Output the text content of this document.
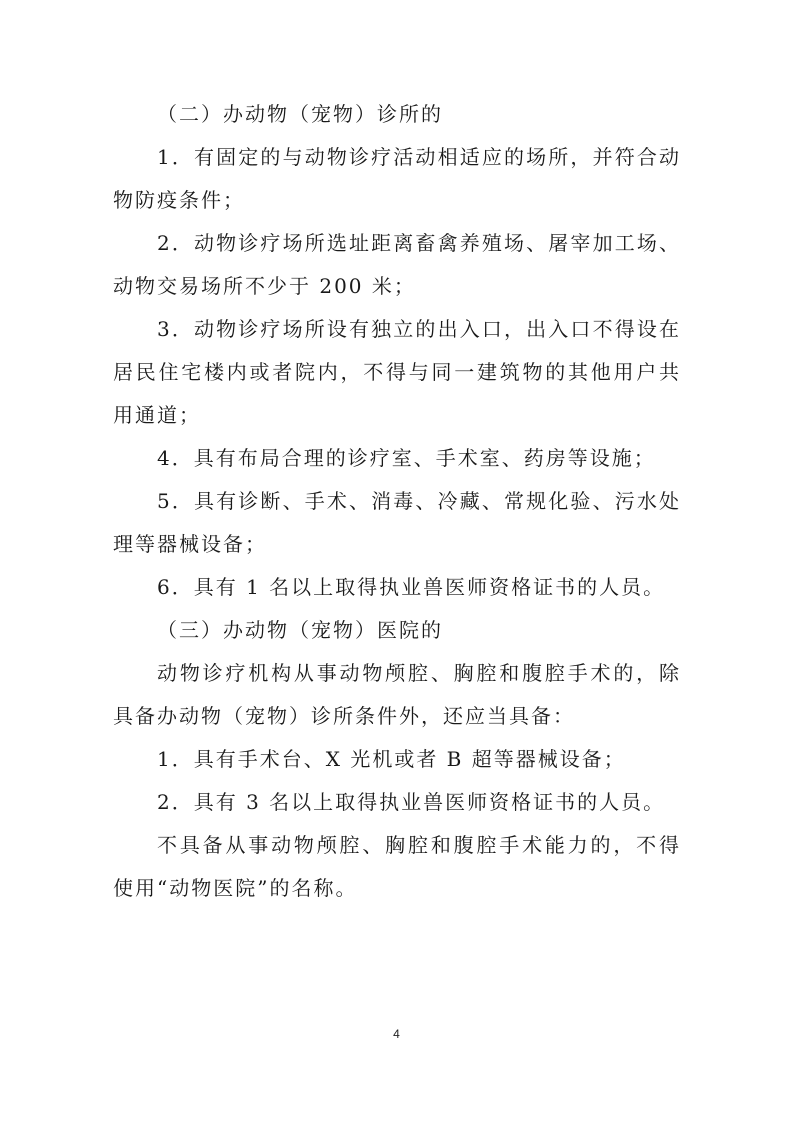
（二）办动物（宠物）诊所的

1．有固定的与动物诊疗活动相适应的场所，并符合动物防疫条件；

2．动物诊疗场所选址距离畜禽养殖场、屠宰加工场、动物交易场所不少于 200 米；

3．动物诊疗场所设有独立的出入口，出入口不得设在居民住宅楼内或者院内，不得与同一建筑物的其他用户共用通道；

4．具有布局合理的诊疗室、手术室、药房等设施；

5．具有诊断、手术、消毒、冷藏、常规化验、污水处理等器械设备；

6．具有 1 名以上取得执业兽医师资格证书的人员。

（三）办动物（宠物）医院的

动物诊疗机构从事动物颅腔、胸腔和腹腔手术的，除具备办动物（宠物）诊所条件外，还应当具备：

1．具有手术台、X 光机或者 B 超等器械设备；

2．具有 3 名以上取得执业兽医师资格证书的人员。

不具备从事动物颅腔、胸腔和腹腔手术能力的，不得使用“动物医院”的名称。

4
